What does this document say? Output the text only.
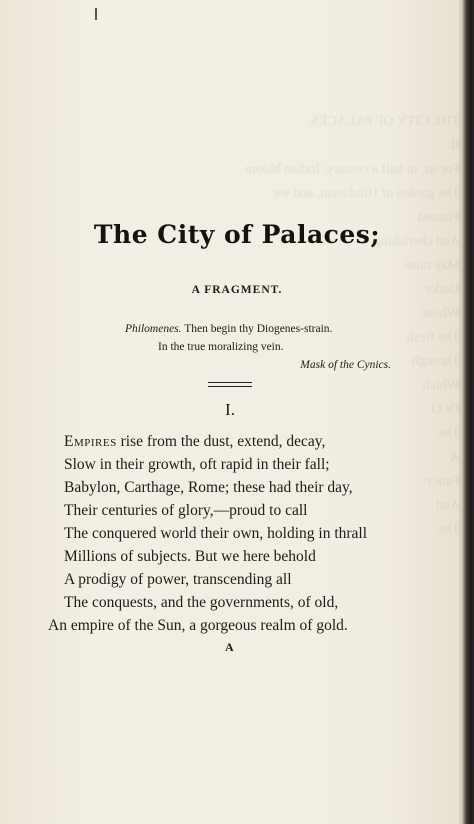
THE CITY OF PALACES.
II.
For us, in half a century, Indian bloom
The garden of Hindostan, and we
Planted
And cherishing
May raise
Under
Whose
The fresh
Through
Which
Or O
The
A
Fancy
And
The
The City of Palaces;
A FRAGMENT.
Philomenes. Then begin thy Diogenes-strain.
In the true moralizing vein.
Mask of the Cynics.
I.
Empires rise from the dust, extend, decay,
Slow in their growth, oft rapid in their fall;
Babylon, Carthage, Rome; these had their day,
Their centuries of glory,—proud to call
The conquered world their own, holding in thrall
Millions of subjects. But we here behold
A prodigy of power, transcending all
The conquests, and the governments, of old,
An empire of the Sun, a gorgeous realm of gold.
A
